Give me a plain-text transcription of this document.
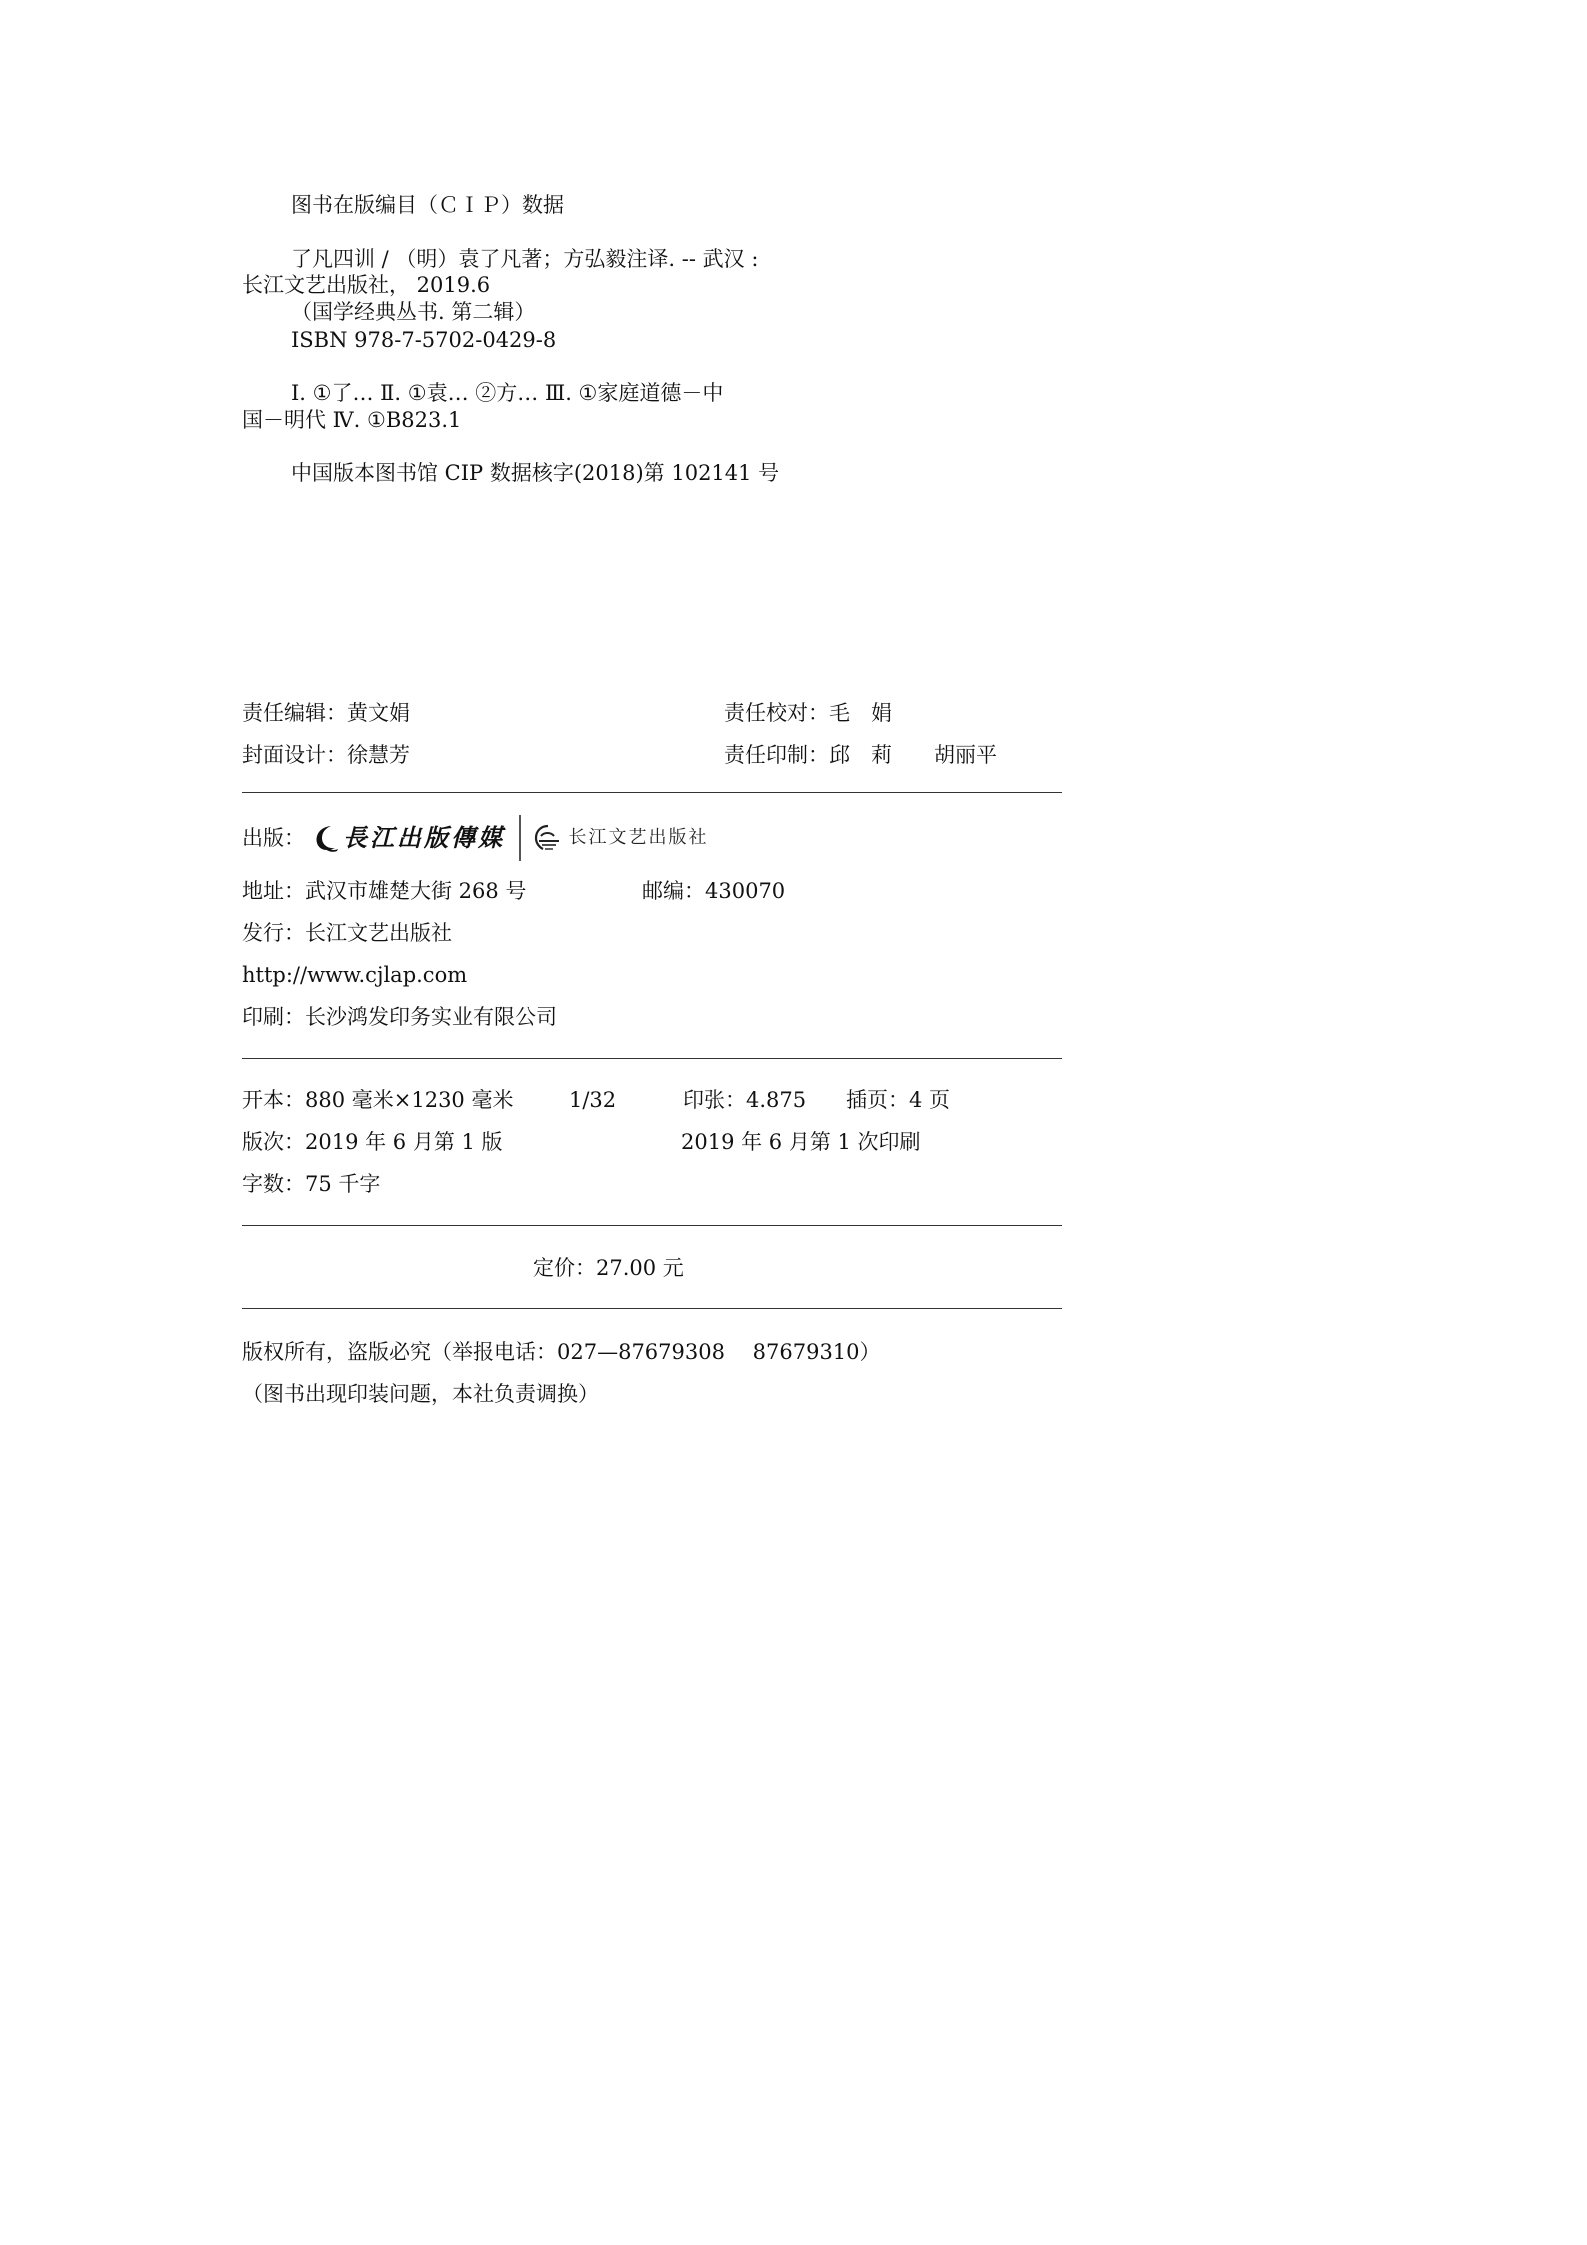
图书在版编目（ＣＩＰ）数据
了凡四训 / （明）袁了凡著；方弘毅注译. -- 武汉 :
长江文艺出版社， 2019.6
（国学经典丛书. 第二辑）
ISBN 978-7-5702-0429-8
Ⅰ. ①了… Ⅱ. ①袁… ②方… Ⅲ. ①家庭道德－中
国－明代 Ⅳ. ①B823.1
中国版本图书馆 CIP 数据核字(2018)第 102141 号
责任编辑：黄文娟	责任校对：毛　娟
封面设计：徐慧芳	责任印制：邱　莉　　胡丽平
出版： 長江出版傳媒	长江文艺出版社
地址：武汉市雄楚大街 268 号	邮编：430070
发行：长江文艺出版社
http://www.cjlap.com
印刷：长沙鸿发印务实业有限公司
开本：880 毫米×1230 毫米	1/32	印张：4.875 插页：4 页
版次：2019 年 6 月第 1 版	2019 年 6 月第 1 次印刷
字数：75 千字
定价：27.00 元
版权所有，盗版必究（举报电话：027—87679308　 87679310）
（图书出现印装问题，本社负责调换）
